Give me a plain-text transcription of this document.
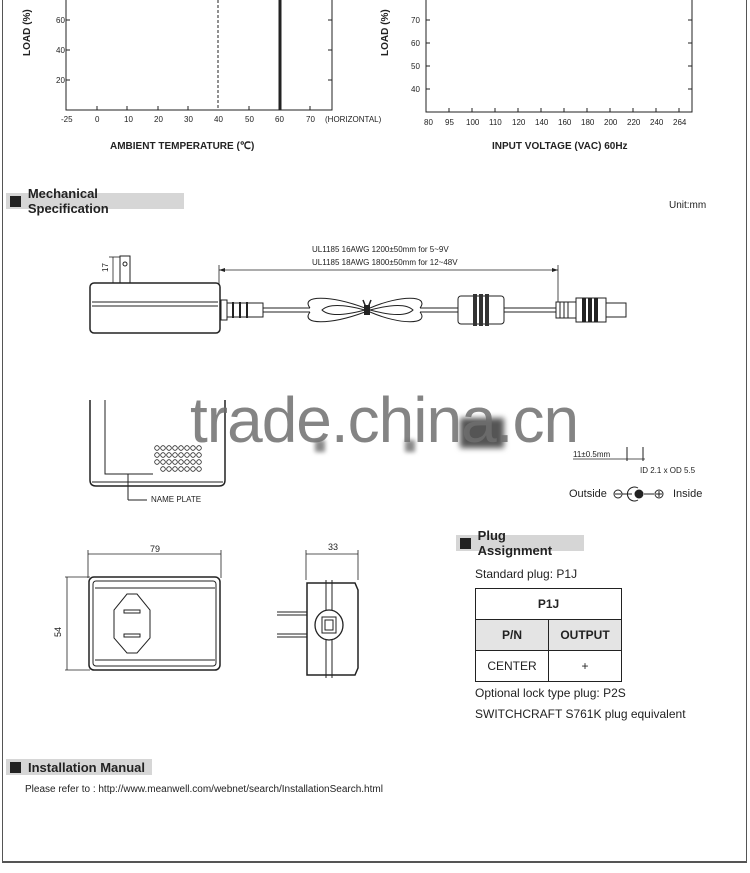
LOAD (%)	60
40
20
-25	0	10	20	30	40	50	60	70 (HORIZONTAL)
AMBIENT TEMPERATURE (℃)
LOAD (%)	70
60
50
40
80 95 100 110 120 140 160 180 200 220 240 264
INPUT VOLTAGE (VAC) 60Hz
Mechanical Specification	Unit:mm
UL1185 16AWG 1200±50mm for 5~9V
UL1185 18AWG 1800±50mm for 12~48V
17
NAME PLATE
trade.china.cn
11±0.5mm
ID 2.1 x OD 5.5
Outside	Inside
79
54
33
Plug Assignment
Standard plug: P1J
P1J	
P/N	OUTPUT
CENTER	+
Optional lock type plug: P2S
SWITCHCRAFT S761K plug equivalent
Installation Manual
Please refer to : http://www.meanwell.com/webnet/search/InstallationSearch.html
